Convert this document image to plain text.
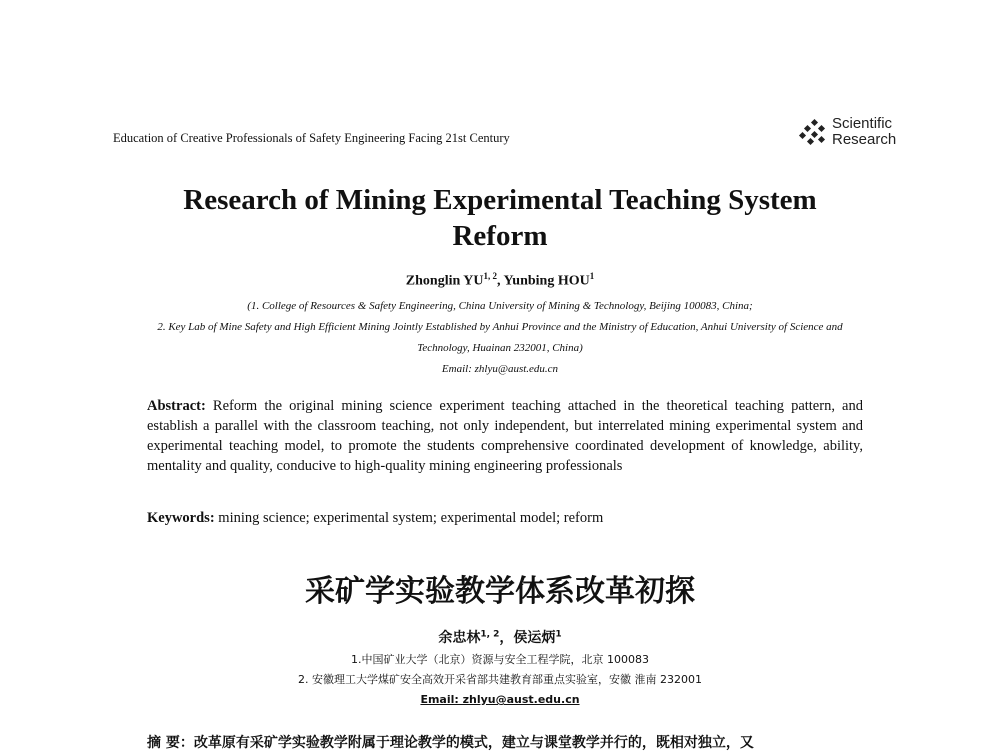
Education of Creative Professionals of Safety Engineering Facing 21st Century
Scientific
Research
Research of Mining Experimental Teaching System Reform
Zhonglin YU$^{1, 2}$, Yunbing HOU$^1$
(1. College of Resources & Safety Engineering, China University of Mining & Technology, Beijing 100083, China;
2. Key Lab of Mine Safety and High Efficient Mining Jointly Established by Anhui Province and the Ministry of Education, Anhui University of Science and Technology, Huainan 232001, China)
Email: zhlyu@aust.edu.cn
Abstract: Reform the original mining science experiment teaching attached in the theoretical teaching pattern, and establish a parallel with the classroom teaching, not only independent, but interrelated mining experimental system and experimental teaching model, to promote the students comprehensive coordinated development of knowledge, ability, mentality and quality, conducive to high-quality mining engineering professionals
Keywords: mining science; experimental system; experimental model; reform
采矿学实验教学体系改革初探
余忠林$^{1, 2}$，侯运炳$^1$
1.中国矿业大学（北京）资源与安全工程学院，北京 100083
2. 安徽理工大学煤矿安全高效开采省部共建教育部重点实验室，安徽 淮南 232001
Email: zhlyu@aust.edu.cn
摘 要：改革原有采矿学实验教学附属于理论教学的模式，建立与课堂教学并行的，既相对独立，又
